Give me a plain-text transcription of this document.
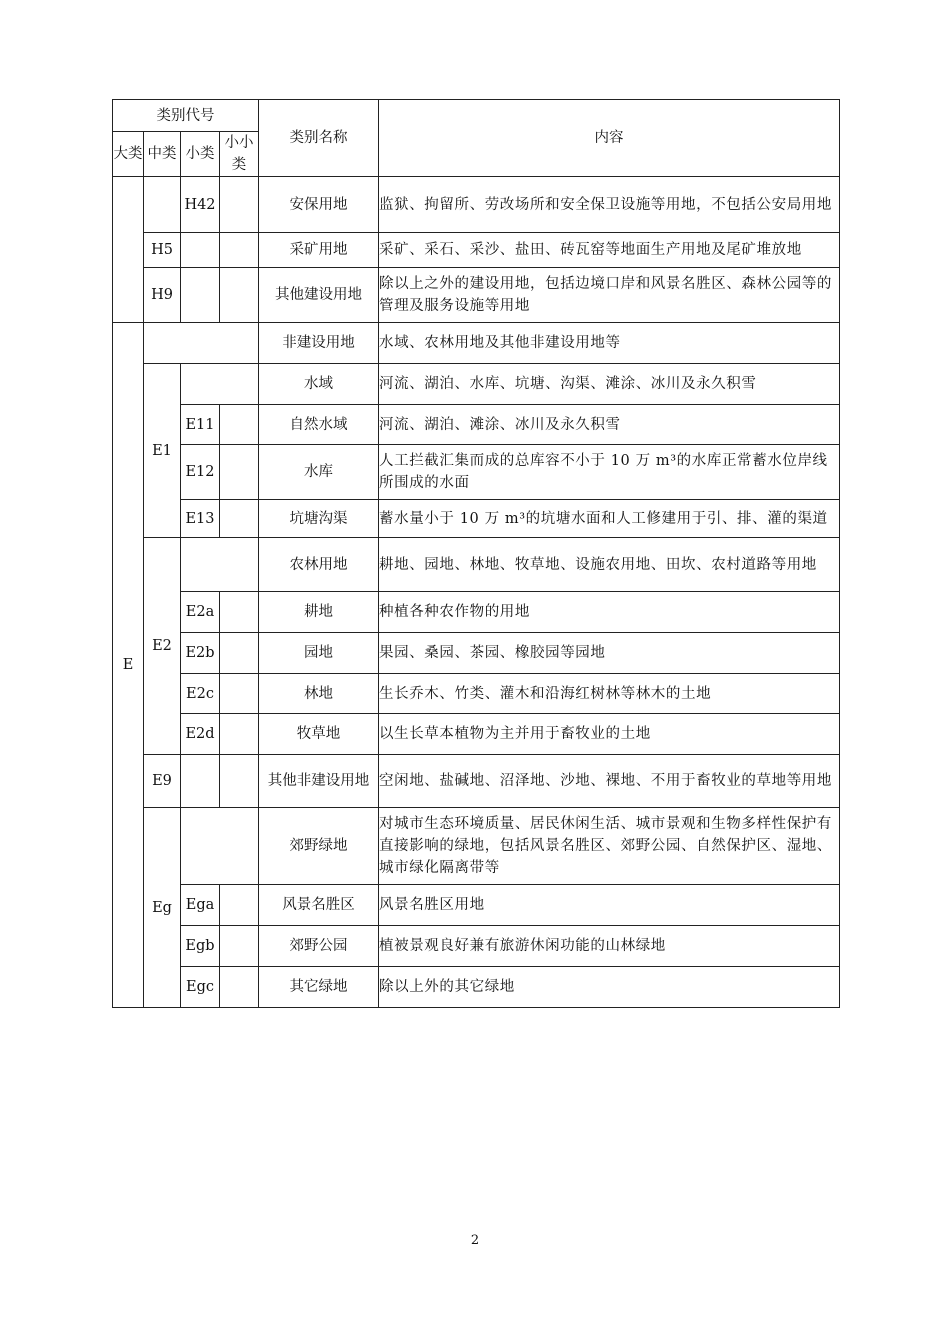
类别代号				类别名称	内容
大类	中类	小类	小小类		
		H42		安保用地	监狱、拘留所、劳改场所和安全保卫设施等用地，不包括公安局用地
	H5			采矿用地	采矿、采石、采沙、盐田、砖瓦窑等地面生产用地及尾矿堆放地
	H9			其他建设用地	除以上之外的建设用地，包括边境口岸和风景名胜区、森林公园等的管理及服务设施等用地
E				非建设用地	水域、农林用地及其他非建设用地等
	E1			水域	河流、湖泊、水库、坑塘、沟渠、滩涂、冰川及永久积雪
		E11		自然水域	河流、湖泊、滩涂、冰川及永久积雪
		E12		水库	人工拦截汇集而成的总库容不小于 10 万 m³的水库正常蓄水位岸线所围成的水面
		E13		坑塘沟渠	蓄水量小于 10 万 m³的坑塘水面和人工修建用于引、排、灌的渠道
	E2			农林用地	耕地、园地、林地、牧草地、设施农用地、田坎、农村道路等用地
		E2a		耕地	种植各种农作物的用地
		E2b		园地	果园、桑园、茶园、橡胶园等园地
		E2c		林地	生长乔木、竹类、灌木和沿海红树林等林木的土地
		E2d		牧草地	以生长草本植物为主并用于畜牧业的土地
	E9			其他非建设用地	空闲地、盐碱地、沼泽地、沙地、裸地、不用于畜牧业的草地等用地
	Eg			郊野绿地	对城市生态环境质量、居民休闲生活、城市景观和生物多样性保护有直接影响的绿地，包括风景名胜区、郊野公园、自然保护区、湿地、城市绿化隔离带等
		Ega		风景名胜区	风景名胜区用地
		Egb		郊野公园	植被景观良好兼有旅游休闲功能的山林绿地
		Egc		其它绿地	除以上外的其它绿地
2
